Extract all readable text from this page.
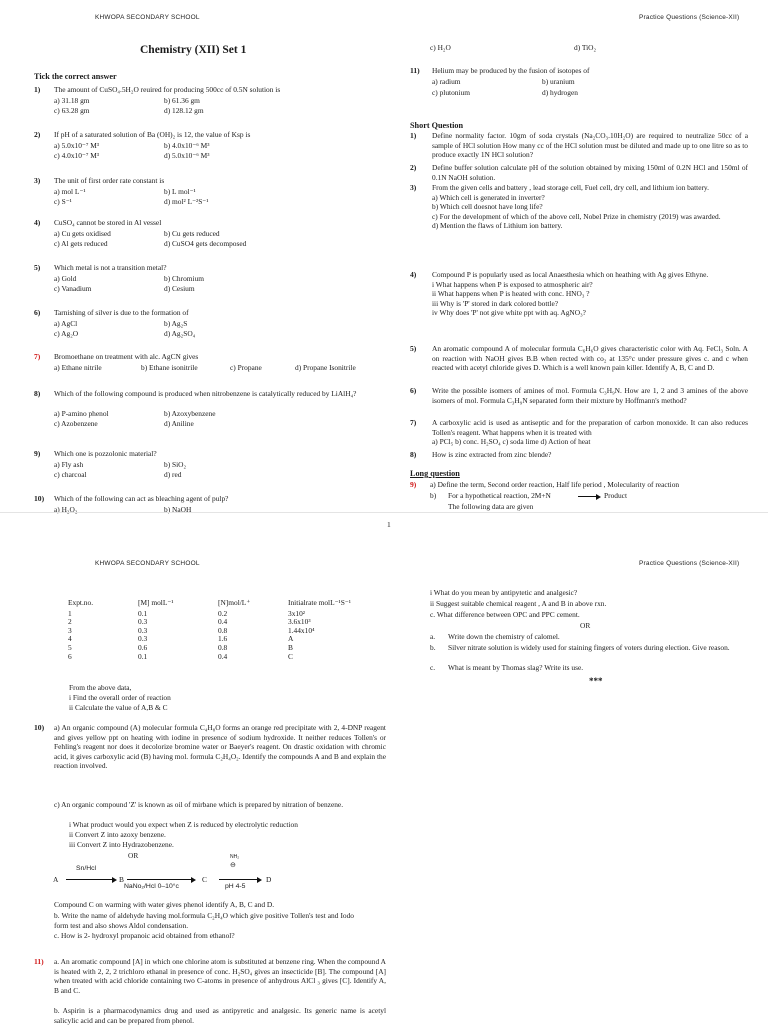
KHWOPA SECONDARY SCHOOL	Practice Questions (Science-XII)
Chemistry (XII) Set 1
Tick the correct answer
1) The amount of CuSO₄.5H₂O reuired for producing 500cc of 0.5N solution is
a) 31.18 gm	b) 61.36 gm
c) 63.28 gm	d) 128.12 gm
2) If pH of a saturated solution of Ba (OH)₂ is 12, the value of Ksp is
a) 5.0x10⁻⁷ M³	b) 4.0x10⁻⁶ M³
c) 4.0x10⁻⁷ M³	d) 5.0x10⁻⁶ M³
3) The unit of first order rate constant is
a) mol L⁻¹	b) L mol⁻¹
c) S⁻¹	d) mol² L⁻²S⁻¹
4) CuSO₄ cannot be stored in Al vessel
a) Cu gets oxidised	b) Cu gets reduced
c) Al gets reduced	d) CuSO4 gets decomposed
5) Which metal is not a transition metal?
a) Gold	b) Chromium
c) Vanadium	d) Cesium
6) Tarnishing of silver is due to the formation of
a) AgCl	b) Ag₂S
c) Ag₂O	d) Ag₂SO₄
7) Bromoethane on treatment with alc. AgCN gives
a) Ethane nitrile	b) Ethane isonitrile	c) Propane	d) Propane Isonitrile
8) Which of the following compound is produced when nitrobenzene is catalytically reduced by LiAlH₄?
a) P-amino phenol	b) Azoxybenzene
c) Azobenzene	d) Aniline
9) Which one is pozzolonic material?
a) Fly ash	b) SiO₂
c) charcoal	d) red
10) Which of the following can act as bleaching agent of pulp?
a) H₂O₂	b) NaOH
c) H₂O	d) TiO₂
11) Helium may be produced by the fusion of isotopes of
a) radium	b) uranium
c) plutonium	d) hydrogen
Short Question
1) Define normality factor. 10gm of soda crystals (Na₂CO₃.10H₂O) are required to neutralize 50cc of a sample of HCl solution How many cc of the HCl solution must be diluted and made up to one litre so as to produce exactly 1N HCl solution?
2) Define buffer solution calculate pH of the solution obtained by mixing 150ml of 0.2N HCl and 150ml of 0.1N NaOH solution.
3) From the given cells and battery , lead storage cell, Fuel cell, dry cell, and lithium ion battery.
a) Which cell is generated in inverter?
b) Which cell doesnot have long life?
c) For the development of which of the above cell, Nobel Prize in chemistry (2019) was awarded.
d) Mention the flaws of Lithium ion battery.
4) Compound P is popularly used as local Anaesthesia which on heathing with Ag gives Ethyne.
i What happens when P is exposed to atmospheric air?
ii What happens when P is heated with conc. HNO₃ ?
iii Why is 'P' stored in dark colored bottle?
iv Why does 'P' not give white ppt with aq. AgNO₃?
5) An aromatic compound A of molecular formula C₆H₆O gives characteristic color with Aq. FeCl₃ Soln. A on reaction with NaOH gives B.B when rected with co₂ at 135°c under pressure gives c. and c when reacted with acetyl chloride gives D. Which is a well known pain killer. Identify A, B, C and D.
6) Write the possible isomers of amines of mol. Formula C₃H₉N. How are 1, 2 and 3 amines of the above isomers of mol. Formula C₃H₉N separated form their mixture by Hoffmann's method?
7) A carboxylic acid is used as antiseptic and for the preparation of carbon monoxide. It can also reduces Tollen's reagent. What happens when it is treated with
a) PCl₅ b) conc. H₂SO₄ c) soda lime d) Action of heat
8) How is zinc extracted from zinc blende?
Long question
9) a) Define the term, Second order reaction, Half life period , Molecularity of reaction
b) For a hypothetical reaction, 2M+N → Product
The following data are given
1
KHWOPA SECONDARY SCHOOL	Practice Questions (Science-XII)
Expt.no.	[M] molL⁻¹	[N]mol/L⁺	Initialrate molL⁻¹S⁻¹
1	0.1	0.2	3x10²
2	0.3	0.4	3.6x10³
3	0.3	0.8	1.44x10⁴
4	0.3	1.6	A
5	0.6	0.8	B
6	0.1	0.4	C
From the above data,
i Find the overall order of reaction
ii Calculate the value of A,B & C
10) a) An organic compound (A) molecular formula C₄H₈O forms an orange red precipitate with 2, 4-DNP reagent and gives yellow ppt on heating with iodine in presence of sodium hydroxide. It neither reduces Tollen's or Fehling's reagent nor does it decolorize bromine water or Baeyer's reagent. On drastic oxidation with chromic acid, it gives carboxylic acid (B) having mol. formula C₂H₄O₂. Identify the compounds A and B and explain the reaction involved.
c) An organic compound 'Z' is known as oil of mirbane which is prepared by nitration of benzene.
i What product would you expect when Z is reduced by electrolytic reduction
ii Convert Z into azoxy benzene.
iii Convert Z into Hydrazobenzene.
OR
A
Sn/Hcl
B
NaNo₂/Hcl 0–10°c
C
NH₂
⊖
pH 4-5
D
Compound C on warming with water gives phenol identify A, B, C and D.
b. Write the name of aldehyde having mol.formula C₂H₄O which give positive Tollen's test and Iodo form test and also shows Aldol condensation.
c. How is 2- hydroxyl propanoic acid obtained from ethanol?
11) a. An aromatic compound [A] in which one chlorine atom is substituted at benzene ring. When the compound A is heated with 2, 2, 2 trichloro ethanal in presence of conc. H₂SO₄ gives an insecticide [B]. The compound [A] when treated with acid chloride containing two C-atoms in presence of anhydrous AlCl ₃ gives [C]. Identify A, B and C.
b. Aspirin is a pharmacodynamics drug and used as antipyretic and analgesic. Its generic name is acetyl salicylic acid and can be prepared from phenol.
i What do you mean by antipytetic and analgesic?
ii Suggest suitable chemical reagent , A and B in above rxn.
c. What difference between OPC and PPC cement.
OR
a. Write down the chemistry of calomel.
b. Silver nitrate solution is widely used for staining fingers of voters during election. Give reason.
c. What is meant by Thomas slag? Write its use.
***
